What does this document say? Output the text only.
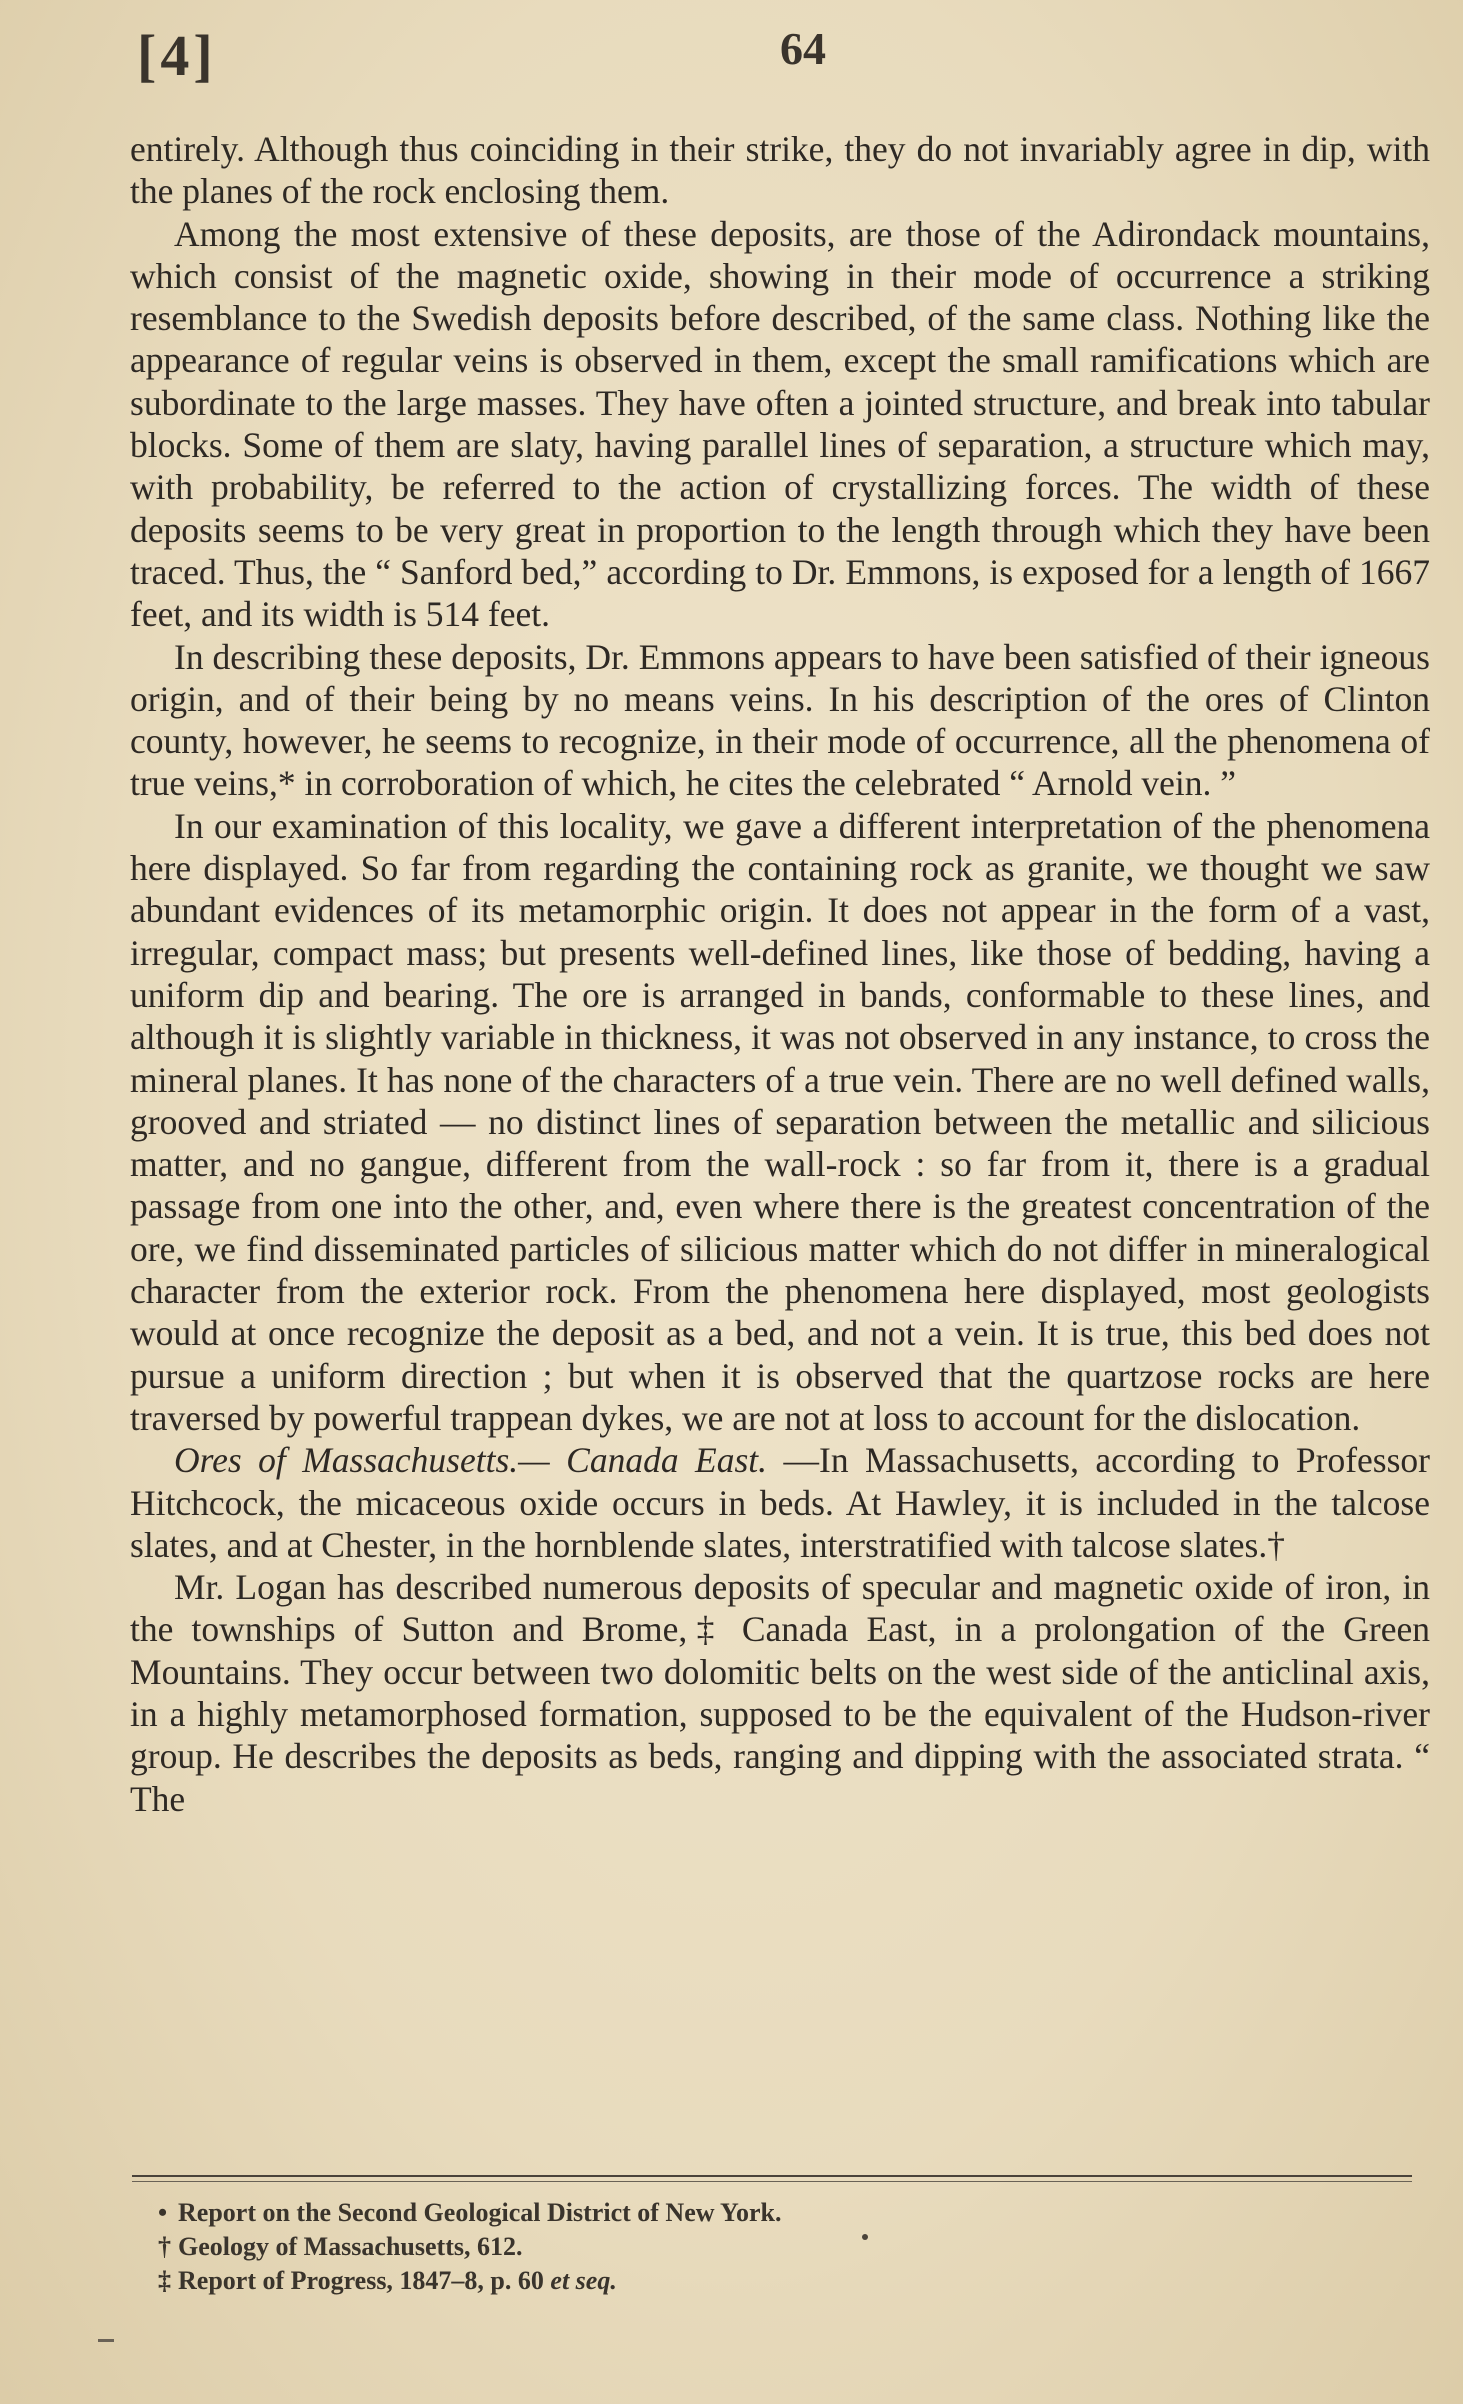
[4]	64

entirely. Although thus coinciding in their strike, they do not invariably agree in dip, with the planes of the rock enclosing them.

Among the most extensive of these deposits, are those of the Adirondack mountains, which consist of the magnetic oxide, showing in their mode of occurrence a striking resemblance to the Swedish deposits before described, of the same class. Nothing like the appearance of regular veins is observed in them, except the small ramifications which are subordinate to the large masses. They have often a jointed structure, and break into tabular blocks. Some of them are slaty, having parallel lines of separation, a structure which may, with probability, be referred to the action of crystallizing forces. The width of these deposits seems to be very great in proportion to the length through which they have been traced. Thus, the “ Sanford bed,” according to Dr. Emmons, is exposed for a length of 1667 feet, and its width is 514 feet.

In describing these deposits, Dr. Emmons appears to have been satisfied of their igneous origin, and of their being by no means veins. In his description of the ores of Clinton county, however, he seems to recognize, in their mode of occurrence, all the phenomena of true veins,* in corroboration of which, he cites the celebrated “ Arnold vein. ”

In our examination of this locality, we gave a different interpretation of the phenomena here displayed. So far from regarding the containing rock as granite, we thought we saw abundant evidences of its metamorphic origin. It does not appear in the form of a vast, irregular, compact mass; but presents well-defined lines, like those of bedding, having a uniform dip and bearing. The ore is arranged in bands, conformable to these lines, and although it is slightly variable in thickness, it was not observed in any instance, to cross the mineral planes. It has none of the characters of a true vein. There are no well defined walls, grooved and striated — no distinct lines of separation between the metallic and silicious matter, and no gangue, different from the wall-rock : so far from it, there is a gradual passage from one into the other, and, even where there is the greatest concentration of the ore, we find disseminated particles of silicious matter which do not differ in mineralogical character from the exterior rock. From the phenomena here displayed, most geologists would at once recognize the deposit as a bed, and not a vein. It is true, this bed does not pursue a uniform direction ; but when it is observed that the quartzose rocks are here traversed by powerful trappean dykes, we are not at loss to account for the dislocation.

Ores of Massachusetts.— Canada East. —In Massachusetts, according to Professor Hitchcock, the micaceous oxide occurs in beds. At Hawley, it is included in the talcose slates, and at Chester, in the hornblende slates, interstratified with talcose slates.†

Mr. Logan has described numerous deposits of specular and magnetic oxide of iron, in the townships of Sutton and Brome,‡ Canada East, in a prolongation of the Green Mountains. They occur between two dolomitic belts on the west side of the anticlinal axis, in a highly metamorphosed formation, supposed to be the equivalent of the Hudson-river group. He describes the deposits as beds, ranging and dipping with the associated strata. “ The

• Report on the Second Geological District of New York.
† Geology of Massachusetts, 612.
‡ Report of Progress, 1847–8, p. 60 et seq.
